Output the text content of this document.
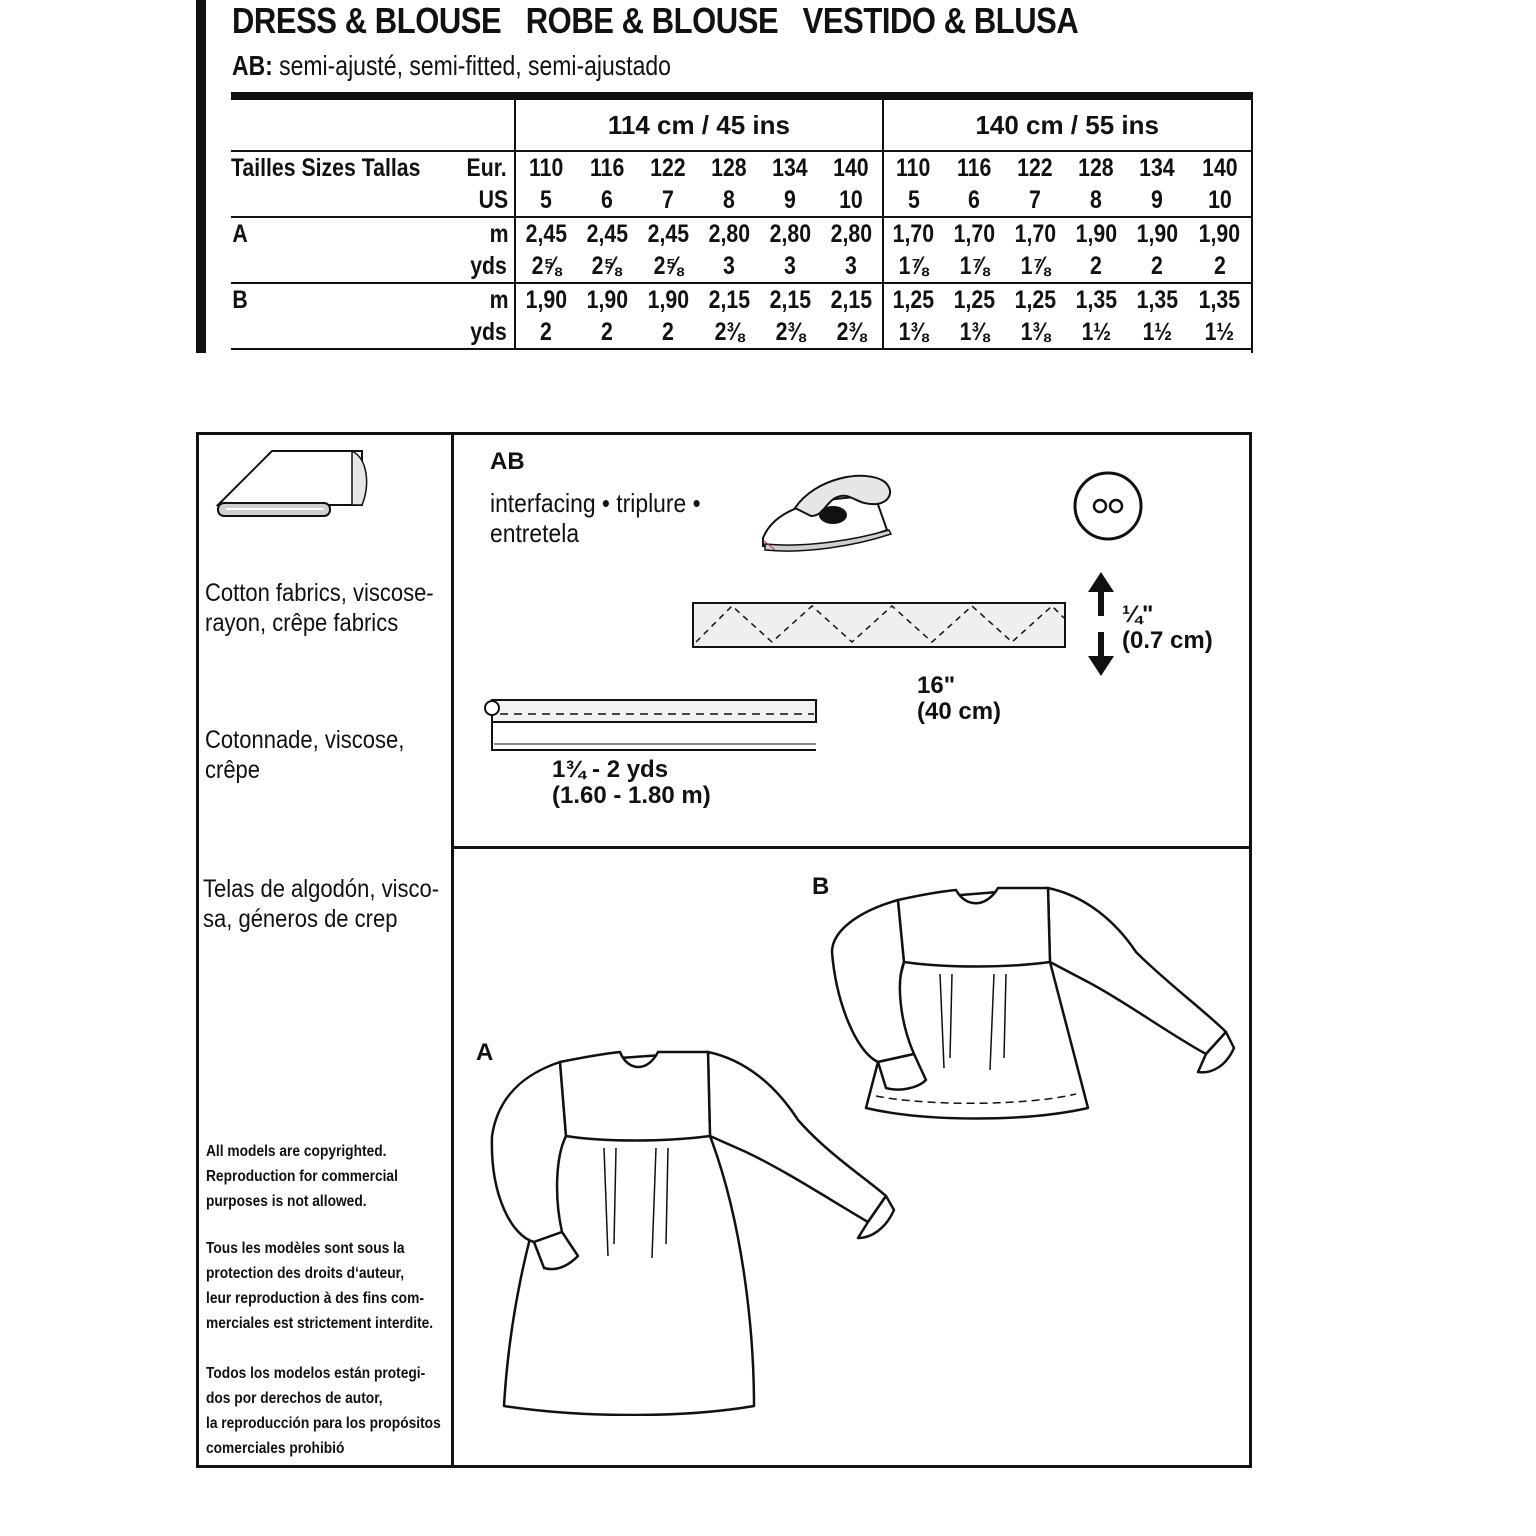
DRESS & BLOUSE   ROBE & BLOUSE   VESTIDO & BLUSA
AB: semi-ajusté, semi-fitted, semi-ajustado

		114 cm / 45 ins						140 cm / 55 ins						
Tailles Sizes Tallas	Eur.	110	116	122	128	134	140	110	116	122	128	134	140	
	US	5	6	7	8	9	10	5	6	7	8	9	10	
A	m	2,45	2,45	2,45	2,80	2,80	2,80	1,70	1,70	1,70	1,90	1,90	1,90	
	yds	2⅝	2⅝	2⅝	3	3	3	1⅞	1⅞	1⅞	2	2	2	
B	m	1,90	1,90	1,90	2,15	2,15	2,15	1,25	1,25	1,25	1,35	1,35	1,35	
	yds	2	2	2	2⅜	2⅜	2⅜	1⅜	1⅜	1⅜	1½	1½	1½	
Cotton fabrics, viscose-
rayon, crêpe fabrics
Cotonnade, viscose,
crêpe
Telas de algodón, visco-
sa, géneros de crep
All models are copyrighted.
Reproduction for commercial
purposes is not allowed.
Tous les modèles sont sous la
protection des droits d‘auteur,
leur reproduction à des fins com-
merciales est strictement interdite.
Todos los modelos están protegi-
dos por derechos de autor,
la reproducción para los propósitos
comerciales prohibió
AB
interfacing • triplure •
entretela
¼"
(0.7 cm)
16"
(40 cm)
1¾ - 2 yds
(1.60 - 1.80 m)
B
A
